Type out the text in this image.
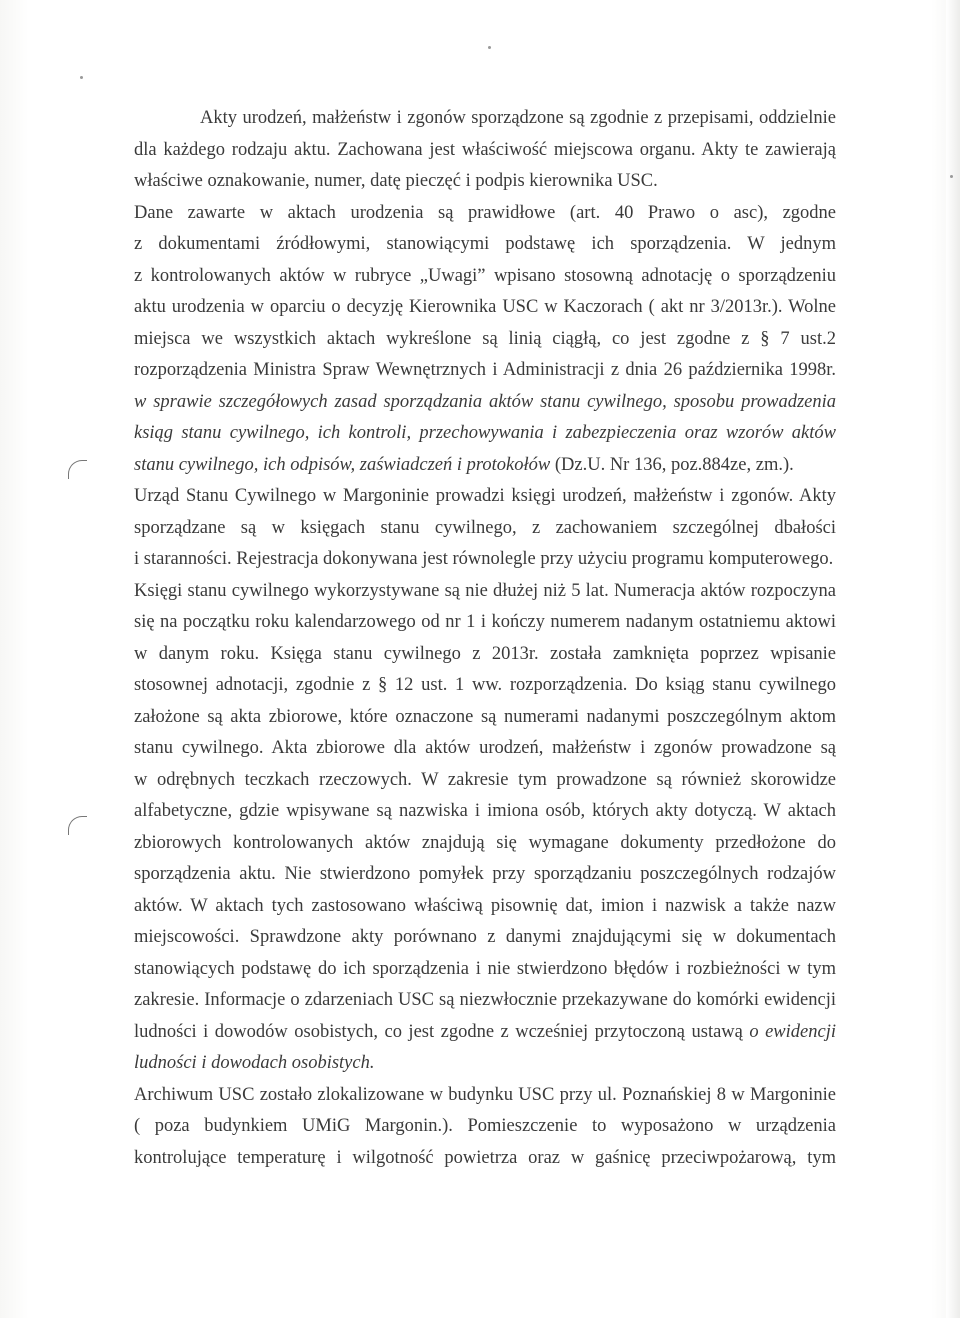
Akty urodzeń, małżeństw i zgonów sporządzone są zgodnie z przepisami, oddzielnie
dla każdego rodzaju aktu. Zachowana jest właściwość miejscowa organu. Akty te zawierają
właściwe oznakowanie, numer, datę pieczęć i podpis kierownika USC.
Dane zawarte w aktach urodzenia są prawidłowe (art. 40 Prawo o asc), zgodne
z dokumentami źródłowymi, stanowiącymi podstawę ich sporządzenia. W jednym
z kontrolowanych aktów w rubryce „Uwagi” wpisano stosowną adnotację o sporządzeniu
aktu urodzenia w oparciu o decyzję Kierownika USC w Kaczorach ( akt nr 3/2013r.). Wolne
miejsca we wszystkich aktach wykreślone są linią ciągłą, co jest zgodne z § 7 ust.2
rozporządzenia Ministra Spraw Wewnętrznych i Administracji z dnia 26 października 1998r.
w sprawie szczegółowych zasad sporządzania aktów stanu cywilnego, sposobu prowadzenia
ksiąg stanu cywilnego, ich kontroli, przechowywania i zabezpieczenia oraz wzorów aktów
stanu cywilnego, ich odpisów, zaświadczeń i protokołów (Dz.U. Nr 136, poz.884ze, zm.).
Urząd Stanu Cywilnego w Margoninie prowadzi księgi urodzeń, małżeństw i zgonów. Akty
sporządzane są w księgach stanu cywilnego, z zachowaniem szczególnej dbałości
i staranności. Rejestracja dokonywana jest równolegle przy użyciu programu komputerowego.
Księgi stanu cywilnego wykorzystywane są nie dłużej niż 5 lat. Numeracja aktów rozpoczyna
się na początku roku kalendarzowego od nr 1 i kończy numerem nadanym ostatniemu aktowi
w danym roku. Księga stanu cywilnego z 2013r. została zamknięta poprzez wpisanie
stosownej adnotacji, zgodnie z § 12 ust. 1 ww. rozporządzenia. Do ksiąg stanu cywilnego
założone są akta zbiorowe, które oznaczone są numerami nadanymi poszczególnym aktom
stanu cywilnego. Akta zbiorowe dla aktów urodzeń, małżeństw i zgonów prowadzone są
w odrębnych teczkach rzeczowych. W zakresie tym prowadzone są również skorowidze
alfabetyczne, gdzie wpisywane są nazwiska i imiona osób, których akty dotyczą. W aktach
zbiorowych kontrolowanych aktów znajdują się wymagane dokumenty przedłożone do
sporządzenia aktu. Nie stwierdzono pomyłek przy sporządzaniu poszczególnych rodzajów
aktów. W aktach tych zastosowano właściwą pisownię dat, imion i nazwisk a także nazw
miejscowości. Sprawdzone akty porównano z danymi znajdującymi się w dokumentach
stanowiących podstawę do ich sporządzenia i nie stwierdzono błędów i rozbieżności w tym
zakresie. Informacje o zdarzeniach USC są niezwłocznie przekazywane do komórki ewidencji
ludności i dowodów osobistych, co jest zgodne z wcześniej przytoczoną ustawą o ewidencji
ludności i dowodach osobistych.
Archiwum USC zostało zlokalizowane w budynku USC przy ul. Poznańskiej 8 w Margoninie
( poza budynkiem UMiG Margonin.). Pomieszczenie to wyposażono w urządzenia
kontrolujące temperaturę i wilgotność powietrza oraz w gaśnicę przeciwpożarową, tym
